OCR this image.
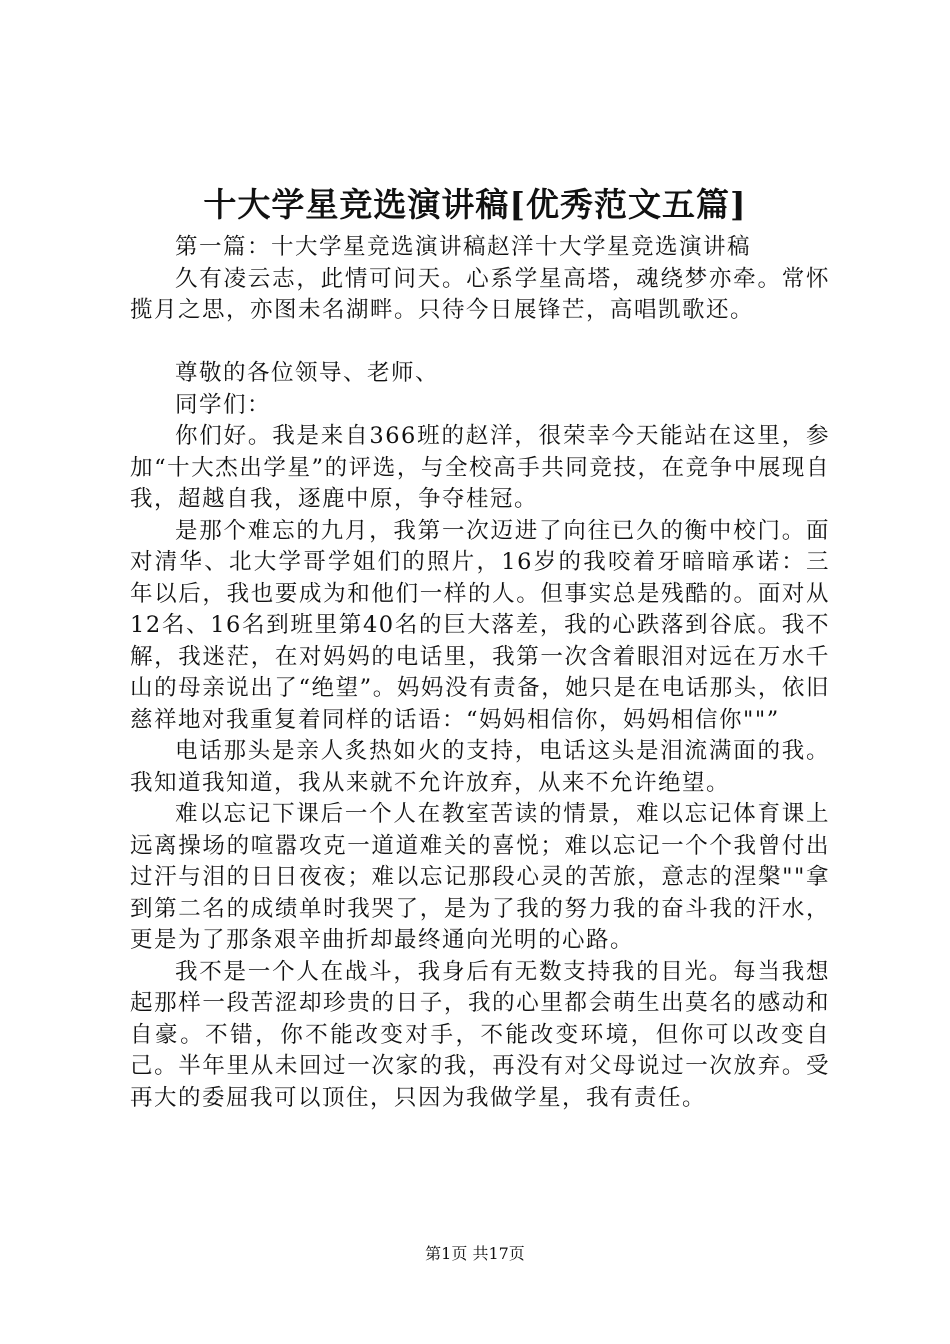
十大学星竞选演讲稿[优秀范文五篇]

第一篇：十大学星竞选演讲稿赵洋十大学星竞选演讲稿

久有凌云志，此情可问天。心系学星高塔，魂绕梦亦牵。常怀揽月之思，亦图未名湖畔。只待今日展锋芒，高唱凯歌还。

尊敬的各位领导、老师、

同学们：

你们好。我是来自366班的赵洋，很荣幸今天能站在这里，参加“十大杰出学星”的评选，与全校高手共同竞技，在竞争中展现自我，超越自我，逐鹿中原，争夺桂冠。

是那个难忘的九月，我第一次迈进了向往已久的衡中校门。面对清华、北大学哥学姐们的照片，16岁的我咬着牙暗暗承诺：三年以后，我也要成为和他们一样的人。但事实总是残酷的。面对从12名、16名到班里第40名的巨大落差，我的心跌落到谷底。我不解，我迷茫，在对妈妈的电话里，我第一次含着眼泪对远在万水千山的母亲说出了“绝望”。妈妈没有责备，她只是在电话那头，依旧慈祥地对我重复着同样的话语：“妈妈相信你，妈妈相信你""”

电话那头是亲人炙热如火的支持，电话这头是泪流满面的我。我知道我知道，我从来就不允许放弃，从来不允许绝望。

难以忘记下课后一个人在教室苦读的情景，难以忘记体育课上远离操场的喧嚣攻克一道道难关的喜悦；难以忘记一个个我曾付出过汗与泪的日日夜夜；难以忘记那段心灵的苦旅，意志的涅槃""拿到第二名的成绩单时我哭了，是为了我的努力我的奋斗我的汗水，更是为了那条艰辛曲折却最终通向光明的心路。

我不是一个人在战斗，我身后有无数支持我的目光。每当我想起那样一段苦涩却珍贵的日子，我的心里都会萌生出莫名的感动和自豪。不错，你不能改变对手，不能改变环境，但你可以改变自己。半年里从未回过一次家的我，再没有对父母说过一次放弃。受再大的委屈我可以顶住，只因为我做学星，我有责任。

第1页 共17页
